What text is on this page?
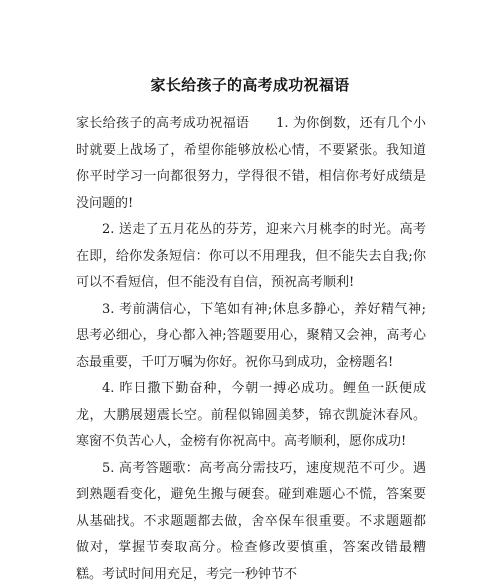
家长给孩子的高考成功祝福语

家长给孩子的高考成功祝福语　　1. 为你倒数，还有几个小时就要上战场了，希望你能够放松心情，不要紧张。我知道你平时学习一向都很努力，学得很不错，相信你考好成绩是没问题的!

2. 送走了五月花丛的芬芳，迎来六月桃李的时光。高考在即，给你发条短信：你可以不用理我，但不能失去自我;你可以不看短信，但不能没有自信，预祝高考顺利!

3. 考前满信心，下笔如有神;休息多静心，养好精气神;思考必细心，身心都入神;答题要用心，聚精又会神，高考心态最重要，千叮万嘱为你好。祝你马到成功，金榜题名!

4. 昨日撒下勤奋种，今朝一搏必成功。鲤鱼一跃便成龙，大鹏展翅震长空。前程似锦圆美梦，锦衣凯旋沐春风。寒窗不负苦心人，金榜有你祝高中。高考顺利，愿你成功!

5. 高考答题歌：高考高分需技巧，速度规范不可少。遇到熟题看变化，避免生搬与硬套。碰到难题心不慌，答案要从基础找。不求题题都去做，舍卒保车很重要。不求题题都做对，掌握节奏取高分。检查修改要慎重，答案改错最糟糕。考试时间用充足，考完一秒钟节不
